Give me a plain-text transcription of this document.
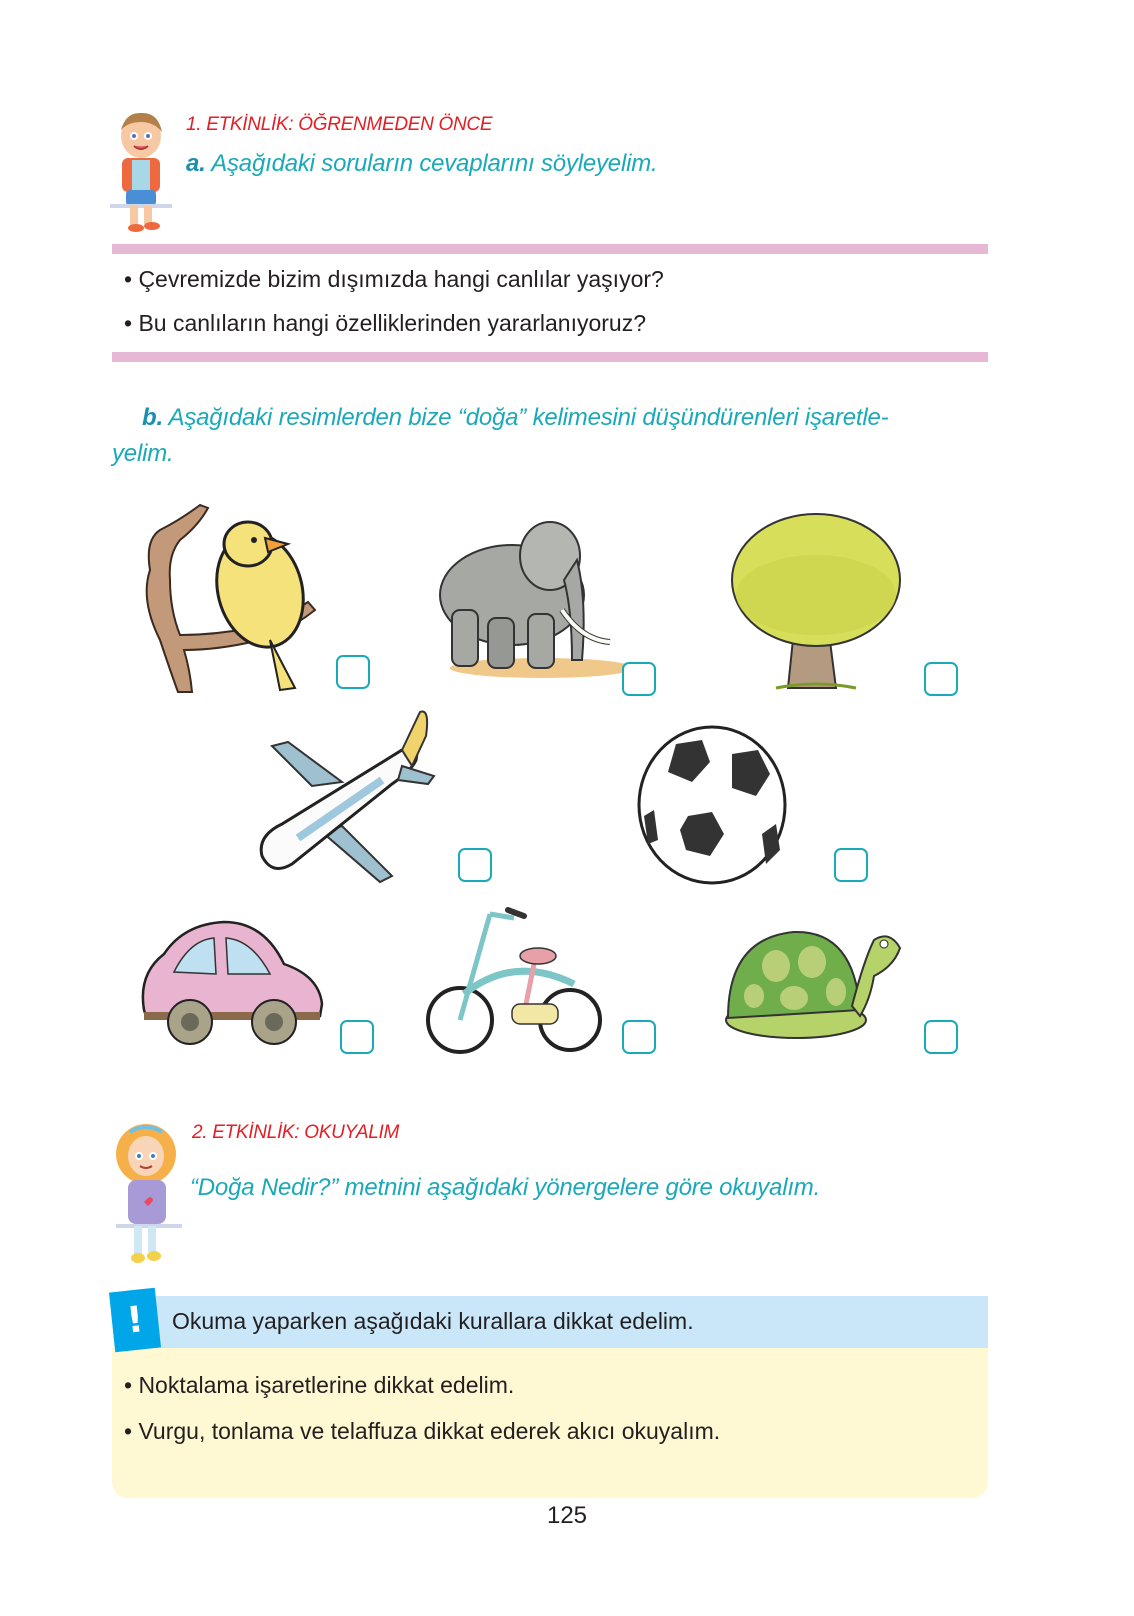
1. ETKİNLİK: ÖĞRENMEDEN ÖNCE
a. Aşağıdaki soruların cevaplarını söyleyelim.
• Çevremizde bizim dışımızda hangi canlılar yaşıyor?
• Bu canlıların hangi özelliklerinden yararlanıyoruz?
b. Aşağıdaki resimlerden bize “doğa” kelimesini düşündürenleri işaretle-
yelim.
2. ETKİNLİK: OKUYALIM
“Doğa Nedir?” metnini aşağıdaki yönergelere göre okuyalım.
Okuma yaparken aşağıdaki kurallara dikkat edelim.
!
• Noktalama işaretlerine dikkat edelim.
• Vurgu, tonlama ve telaffuza dikkat ederek akıcı okuyalım.
125
